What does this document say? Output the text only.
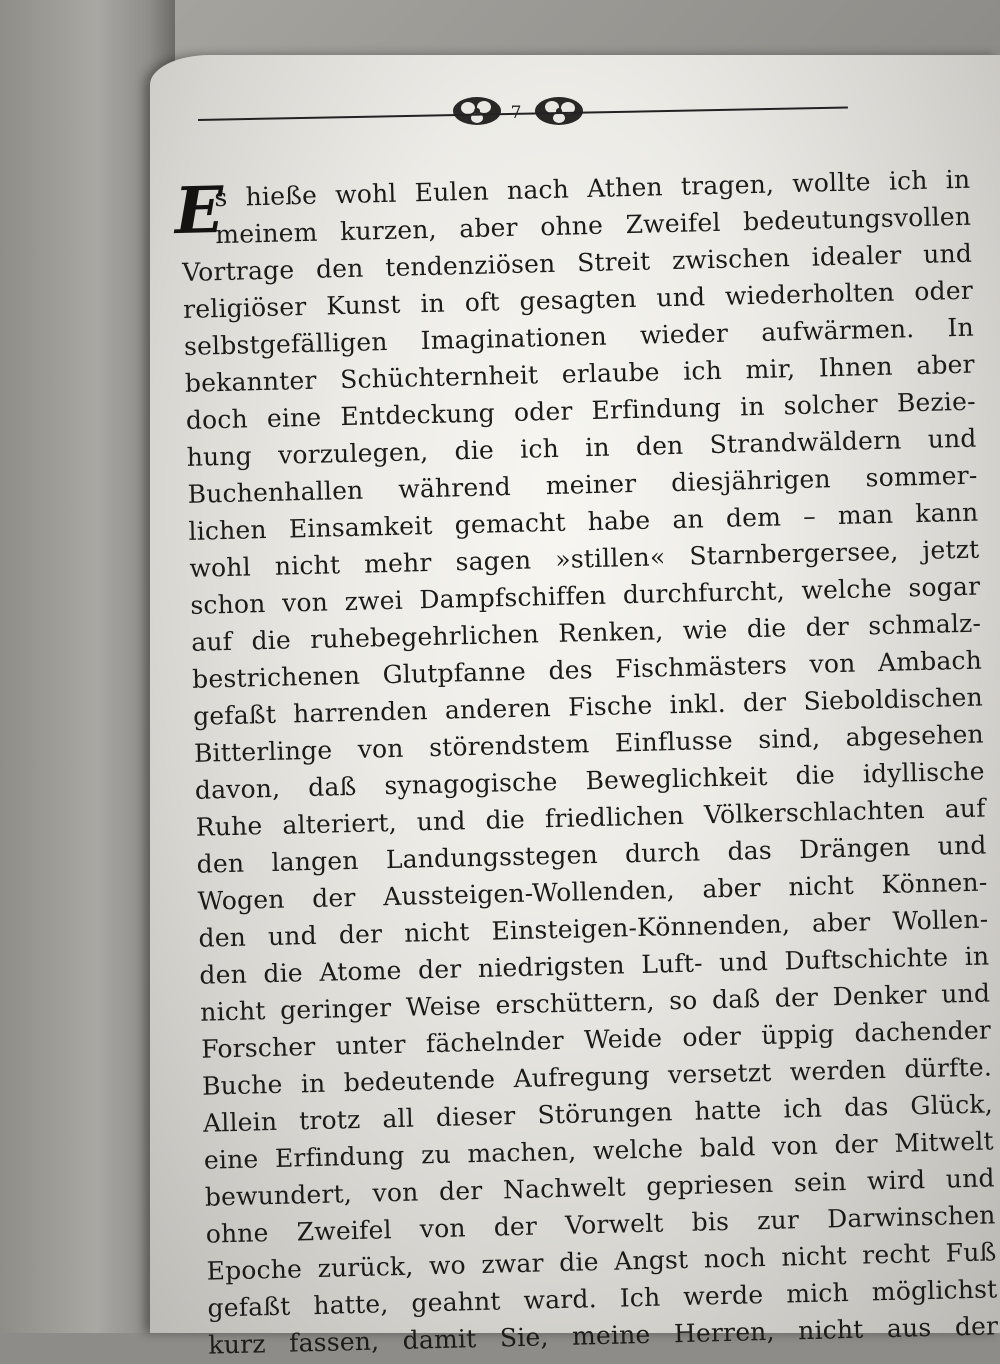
7
E
s hieße wohl Eulen nach Athen tragen, wollte ich in
meinem kurzen, aber ohne Zweifel bedeutungsvollen
Vortrage den tendenziösen Streit zwischen idealer und
religiöser Kunst in oft gesagten und wiederholten oder
selbstgefälligen Imaginationen wieder aufwärmen. In
bekannter Schüchternheit erlaube ich mir, Ihnen aber
doch eine Entdeckung oder Erfindung in solcher Bezie-
hung vorzulegen, die ich in den Strandwäldern und
Buchenhallen während meiner diesjährigen sommer-
lichen Einsamkeit gemacht habe an dem – man kann
wohl nicht mehr sagen »stillen« Starnbergersee, jetzt
schon von zwei Dampfschiffen durchfurcht, welche sogar
auf die ruhebegehrlichen Renken, wie die der schmalz-
bestrichenen Glutpfanne des Fischmästers von Ambach
gefaßt harrenden anderen Fische inkl. der Sieboldischen
Bitterlinge von störendstem Einflusse sind, abgesehen
davon, daß synagogische Beweglichkeit die idyllische
Ruhe alteriert, und die friedlichen Völkerschlachten auf
den langen Landungsstegen durch das Drängen und
Wogen der Aussteigen-Wollenden, aber nicht Können-
den und der nicht Einsteigen-Könnenden, aber Wollen-
den die Atome der niedrigsten Luft- und Duftschichte in
nicht geringer Weise erschüttern, so daß der Denker und
Forscher unter fächelnder Weide oder üppig dachender
Buche in bedeutende Aufregung versetzt werden dürfte.
Allein trotz all dieser Störungen hatte ich das Glück,
eine Erfindung zu machen, welche bald von der Mitwelt
bewundert, von der Nachwelt gepriesen sein wird und
ohne Zweifel von der Vorwelt bis zur Darwinschen
Epoche zurück, wo zwar die Angst noch nicht recht Fuß
gefaßt hatte, geahnt ward. Ich werde mich möglichst
kurz fassen, damit Sie, meine Herren, nicht aus der
